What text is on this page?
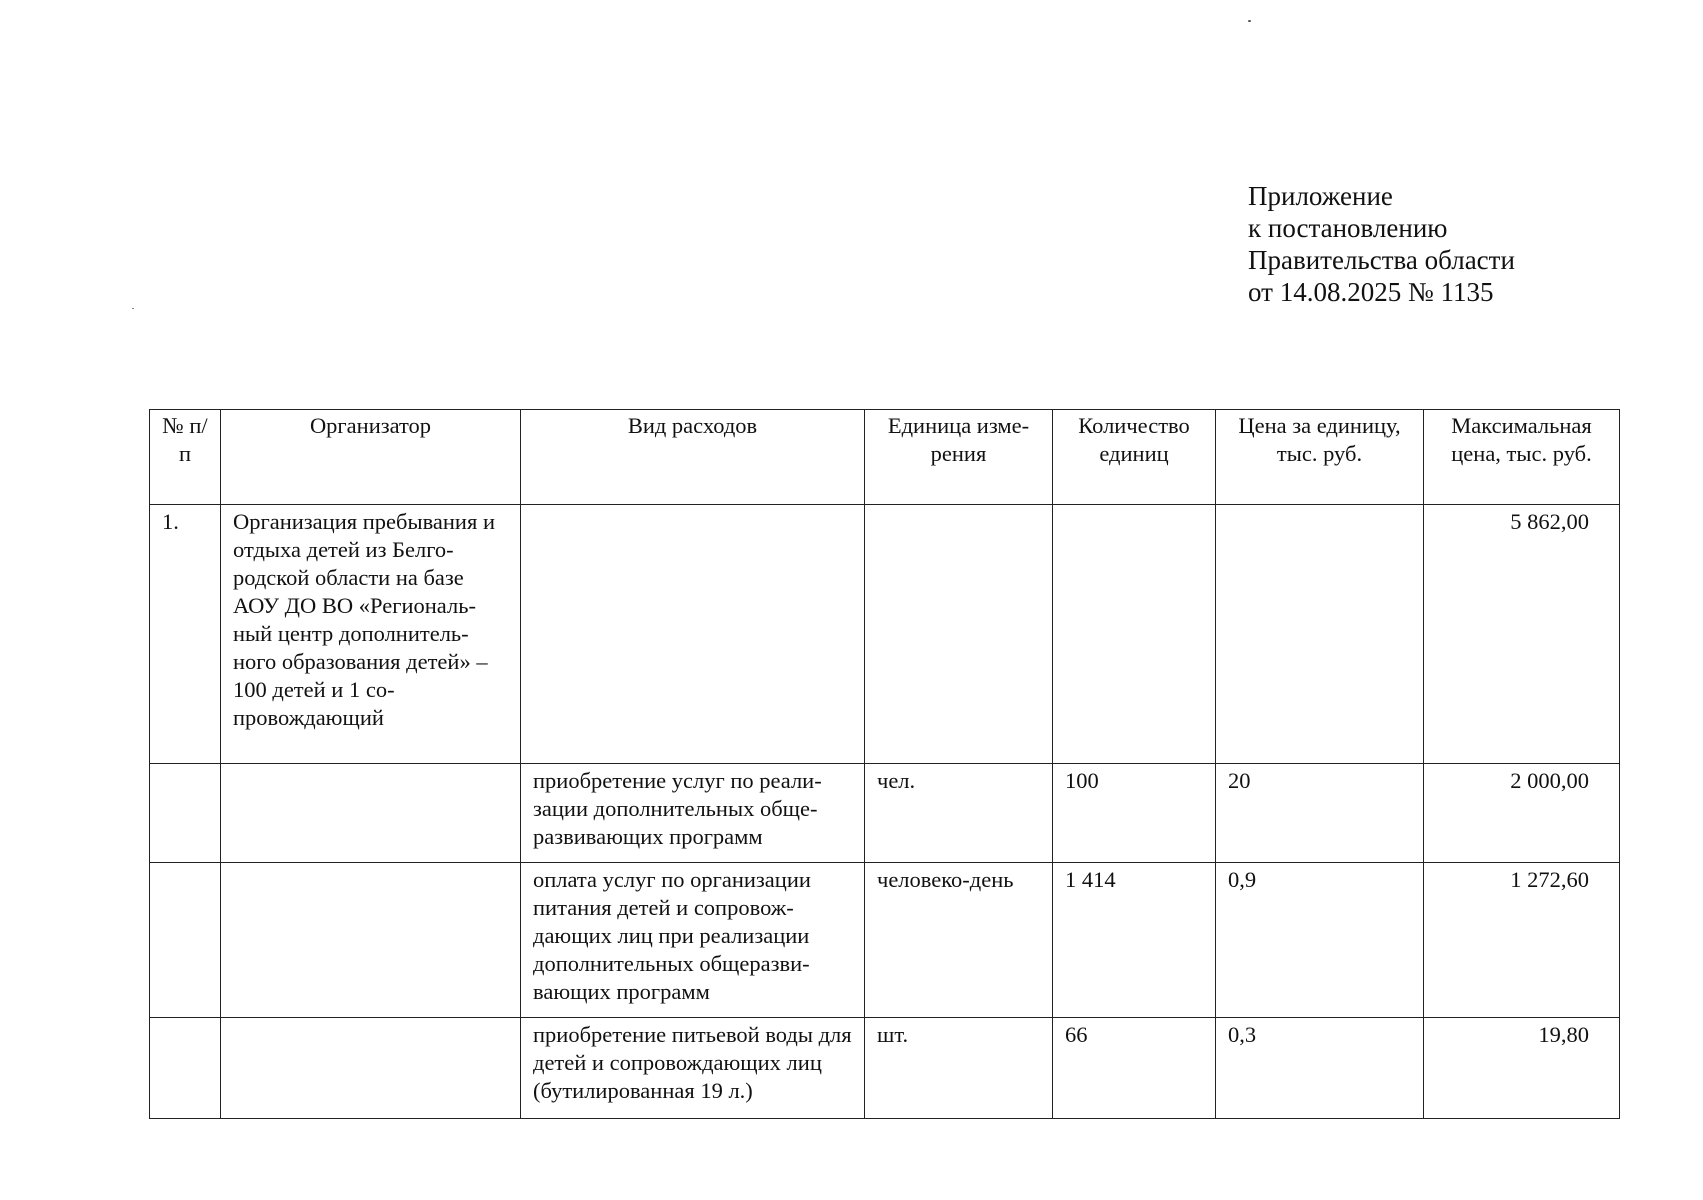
Приложение
к постановлению
Правительства области
от 14.08.2025 № 1135
№ п/п	Организатор	Вид расходов	Единица изме-рения	Количество единиц	Цена за единицу, тыс. руб.	Максимальная цена, тыс. руб.
1.	Организация пребывания и отдыха детей из Белго-родской области на базе АОУ ДО ВО «Региональ-ный центр дополнитель-ного образования детей» – 100 детей и 1 со-провождающий					5 862,00
		приобретение услуг по реали-зации дополнительных обще-развивающих программ	чел.	100	20	2 000,00
		оплата услуг по организации питания детей и сопровож-дающих лиц при реализации дополнительных общеразви-вающих программ	человеко-день	1 414	0,9	1 272,60
		приобретение питьевой воды для детей и сопровождающих лиц (бутилированная 19 л.)	шт.	66	0,3	19,80
